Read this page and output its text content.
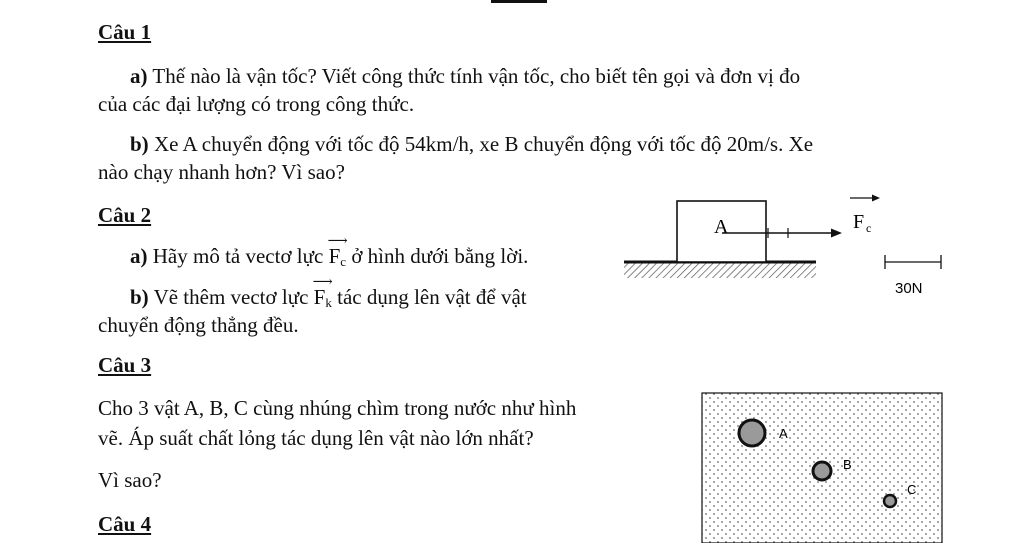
Câu 1
a) Thế nào là vận tốc? Viết công thức tính vận tốc, cho biết tên gọi và đơn vị đo
của các đại lượng có trong công thức.
b) Xe A chuyển động với tốc độ 54km/h, xe B chuyển động với tốc độ 20m/s. Xe
nào chạy nhanh hơn? Vì sao?
Câu 2
a) Hãy mô tả vectơ lực
⟶
$F_c$ ở hình dưới bằng lời.
b) Vẽ thêm vectơ lực
⟶
$F_k$ tác dụng lên vật để vật
chuyển động thẳng đều.
A	F c
30N
A
B
C
Câu 3
Cho 3 vật A, B, C cùng nhúng chìm trong nước như hình
vẽ. Áp suất chất lỏng tác dụng lên vật nào lớn nhất?
Vì sao?
Câu 4
